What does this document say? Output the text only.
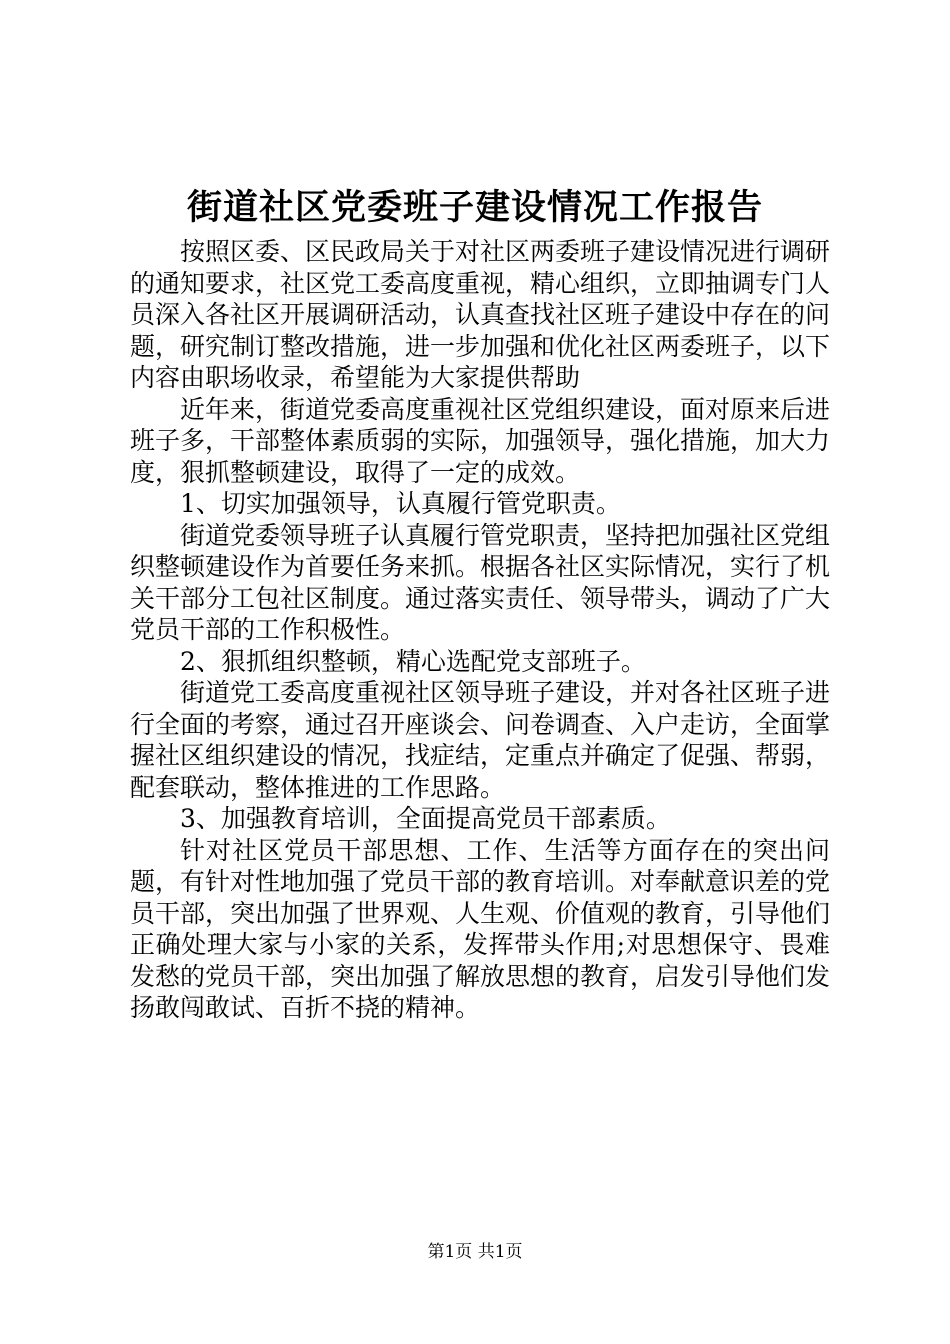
街道社区党委班子建设情况工作报告

按照区委、区民政局关于对社区两委班子建设情况进行调研的通知要求，社区党工委高度重视，精心组织，立即抽调专门人员深入各社区开展调研活动，认真查找社区班子建设中存在的问题，研究制订整改措施，进一步加强和优化社区两委班子，以下内容由职场收录，希望能为大家提供帮助

近年来，街道党委高度重视社区党组织建设，面对原来后进班子多，干部整体素质弱的实际，加强领导，强化措施，加大力度，狠抓整顿建设，取得了一定的成效。

1、切实加强领导，认真履行管党职责。

街道党委领导班子认真履行管党职责，坚持把加强社区党组织整顿建设作为首要任务来抓。根据各社区实际情况，实行了机关干部分工包社区制度。通过落实责任、领导带头，调动了广大党员干部的工作积极性。

2、狠抓组织整顿，精心选配党支部班子。

街道党工委高度重视社区领导班子建设，并对各社区班子进行全面的考察，通过召开座谈会、问卷调查、入户走访，全面掌握社区组织建设的情况，找症结，定重点并确定了促强、帮弱，配套联动，整体推进的工作思路。

3、加强教育培训，全面提高党员干部素质。

针对社区党员干部思想、工作、生活等方面存在的突出问题，有针对性地加强了党员干部的教育培训。对奉献意识差的党员干部，突出加强了世界观、人生观、价值观的教育，引导他们正确处理大家与小家的关系，发挥带头作用;对思想保守、畏难发愁的党员干部，突出加强了解放思想的教育，启发引导他们发扬敢闯敢试、百折不挠的精神。

第1页 共1页
